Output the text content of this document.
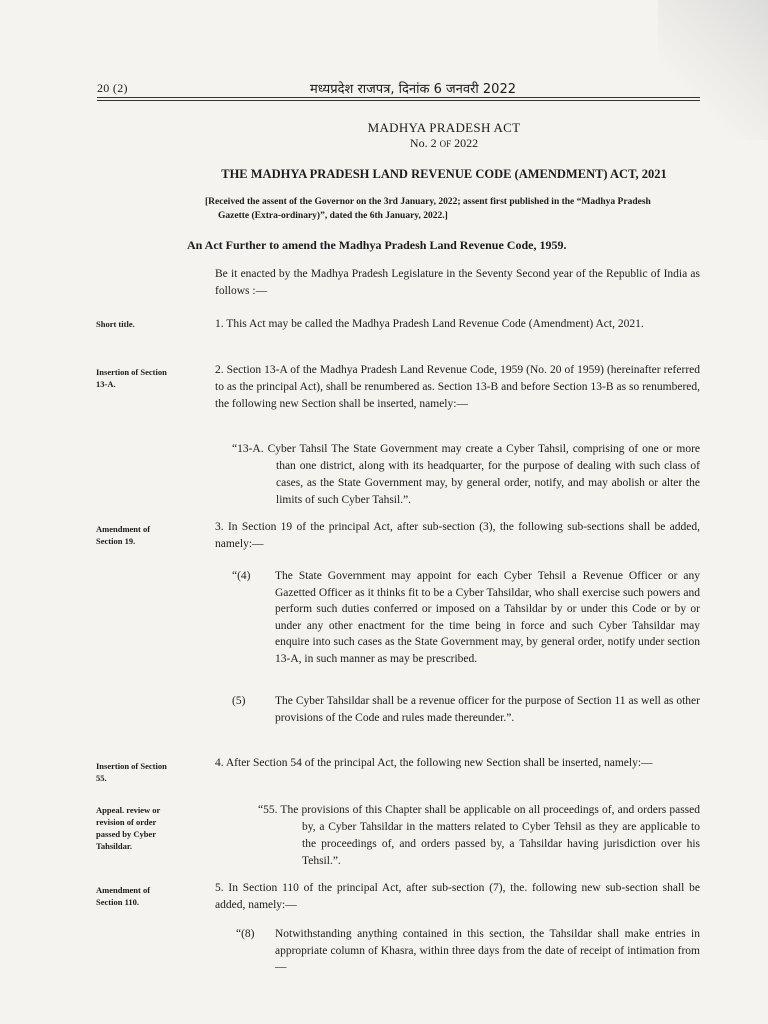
20 (2)	मध्यप्रदेश राजपत्र, दिनांक 6 जनवरी 2022
MADHYA PRADESH ACT
No. 2 OF 2022
THE MADHYA PRADESH LAND REVENUE CODE (AMENDMENT) ACT, 2021
[Received the assent of the Governor on the 3rd January, 2022; assent first published in the “Madhya Pradesh
Gazette (Extra-ordinary)”, dated the 6th January, 2022.]
An Act Further to amend the Madhya Pradesh Land Revenue Code, 1959.
Be it enacted by the Madhya Pradesh Legislature in the Seventy Second year of the Republic of India as follows :—
Short title.	1. This Act may be called the Madhya Pradesh Land Revenue Code (Amendment) Act, 2021.
Insertion of Section 13-A.
2. Section 13-A of the Madhya Pradesh Land Revenue Code, 1959 (No. 20 of 1959) (hereinafter referred to as the principal Act), shall be renumbered as. Section 13-B and before Section 13-B as so renumbered, the following new Section shall be inserted, namely:—
“13-A. Cyber Tahsil The State Government may create a Cyber Tahsil, comprising of one or more than one district, along with its headquarter, for the purpose of dealing with such class of cases, as the State Government may, by general order, notify, and may abolish or alter the limits of such Cyber Tahsil.”.
Amendment of Section 19.
3. In Section 19 of the principal Act, after sub-section (3), the following sub-sections shall be added, namely:—
“(4) The State Government may appoint for each Cyber Tehsil a Revenue Officer or any Gazetted Officer as it thinks fit to be a Cyber Tahsildar, who shall exercise such powers and perform such duties conferred or imposed on a Tahsildar by or under this Code or by or under any other enactment for the time being in force and such Cyber Tahsildar may enquire into such cases as the State Government may, by general order, notify under section 13-A, in such manner as may be prescribed.
(5)	The Cyber Tahsildar shall be a revenue officer for the purpose of Section 11 as well as other provisions of the Code and rules made thereunder.”.
Insertion of Section 55.
4. After Section 54 of the principal Act, the following new Section shall be inserted, namely:—
Appeal. review or revision of order passed by Cyber Tahsildar.
“55. The provisions of this Chapter shall be applicable on all proceedings of, and orders passed by, a Cyber Tahsildar in the matters related to Cyber Tehsil as they are applicable to the proceedings of, and orders passed by, a Tahsildar having jurisdiction over his Tehsil.”.
Amendment of Section 110.
5. In Section 110 of the principal Act, after sub-section (7), the. following new sub-section shall be added, namely:—
“(8) Notwithstanding anything contained in this section, the Tahsildar shall make entries in appropriate column of Khasra, within three days from the date of receipt of intimation from—
